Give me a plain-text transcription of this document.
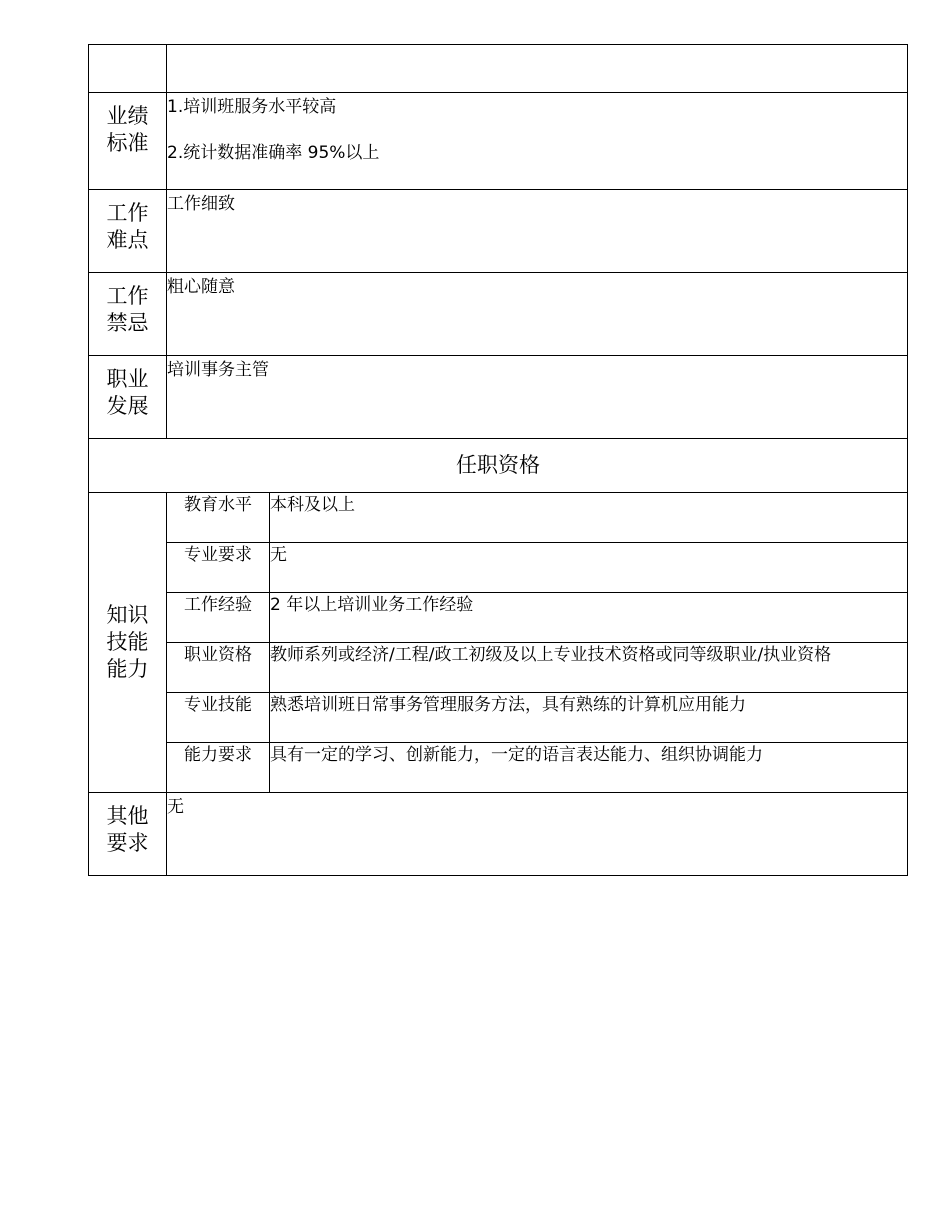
业绩
标准	1.培训班服务水平较高
2.统计数据准确率 95%以上	

工作
难点	工作细致	

工作
禁忌	粗心随意	

职业
发展	培训事务主管	

任职资格		

知识
技能
能力	教育水平	本科及以上
	专业要求	无
	工作经验	2 年以上培训业务工作经验
	职业资格	教师系列或经济/工程/政工初级及以上专业技术资格或同等级职业/执业资格
	专业技能	熟悉培训班日常事务管理服务方法，具有熟练的计算机应用能力
	能力要求	具有一定的学习、创新能力，一定的语言表达能力、组织协调能力

其他
要求	无	
